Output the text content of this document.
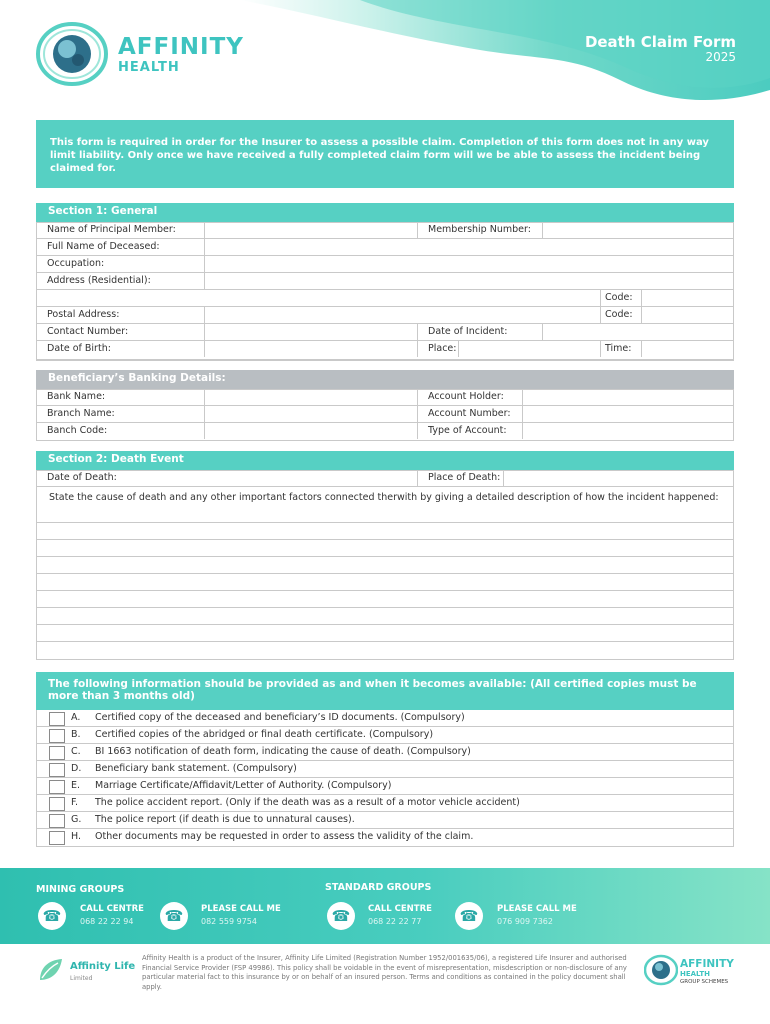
Death Claim Form
2025
AFFINITY
HEALTH
This form is required in order for the Insurer to assess a possible claim. Completion of this form does not in any way limit liability. Only once we have received a fully completed claim form will we be able to assess the incident being claimed for.
Section 1: General
Name of Principal Member:	Membership Number:
Full Name of Deceased:
Occupation:
Address (Residential):
Code:
Postal Address:	Code:
Contact Number:	Date of Incident:
Date of Birth:	Place:	Time:
Beneficiary’s Banking Details:
Bank Name:	Account Holder:
Branch Name:	Account Number:
Banch Code:	Type of Account:
Section 2: Death Event
Date of Death:	Place of Death:
State the cause of death and any other important factors connected therwith by giving a detailed description of how the incident happened:
The following information should be provided as and when it becomes available: (All certified copies must be more than 3 months old)
A. Certified copy of the deceased and beneficiary’s ID documents. (Compulsory)
B. Certified copies of the abridged or final death certificate. (Compulsory)
C. BI 1663 notification of death form, indicating the cause of death. (Compulsory)
D. Beneficiary bank statement. (Compulsory)
E. Marriage Certificate/Affidavit/Letter of Authority. (Compulsory)
F. The police accident report. (Only if the death was as a result of a motor vehicle accident)
G. The police report (if death is due to unnatural causes).
H. Other documents may be requested in order to assess the validity of the claim.
MINING GROUPS	STANDARD GROUPS
☎	CALL CENTRE
068 22 22 94	☎	PLEASE CALL ME
082 559 9754	☎	CALL CENTRE
068 22 22 77	☎	PLEASE CALL ME
076 909 7362
Affinity Life
Limited
Affinity Health is a product of the Insurer, Affinity Life Limited (Registration Number 1952/001635/06), a registered Life Insurer and authorised Financial Service Provider (FSP 49986). This policy shall be voidable in the event of misrepresentation, misdescription or non-disclosure of any particular material fact to this insurance by or on behalf of an insured person. Terms and conditions as contained in the policy document shall apply.
AFFINITY
HEALTH
GROUP SCHEMES
